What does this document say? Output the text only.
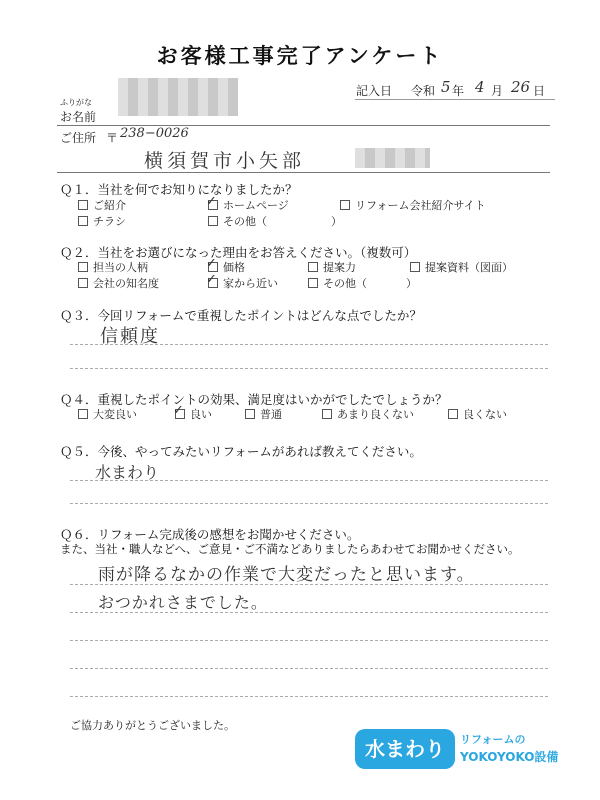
お客様工事完了アンケート
記入日 令和 5 年 4 月 26 日
ふりがな
お名前
ご住所 〒 238−0026
横須賀市小矢部
Ｑ１．当社を何でお知りになりましたか？
ご紹介	✓ ホームページ	リフォーム会社紹介サイト
チラシ	その他（	）
Ｑ２．当社をお選びになった理由をお答えください。（複数可）
担当の人柄	✓ 価格	提案力	提案資料（図面）
会社の知名度	✓ 家から近い	その他（	）
Ｑ３．今回リフォームで重視したポイントはどんな点でしたか？
信頼度
Ｑ４．重視したポイントの効果、満足度はいかがでしたでしょうか？
大変良い	✓ 良い	普通	あまり良くない	良くない
Ｑ５．今後、やってみたいリフォームがあれば教えてください。
水まわり
Ｑ６．リフォーム完成後の感想をお聞かせください。
また、当社・職人などへ、ご意見・ご不満などありましたらあわせてお聞かせください。
雨が降るなかの作業で大変だったと思います。
おつかれさまでした。
ご協力ありがとうございました。
水まわり	リフォームの
YOKOYOKO設備
